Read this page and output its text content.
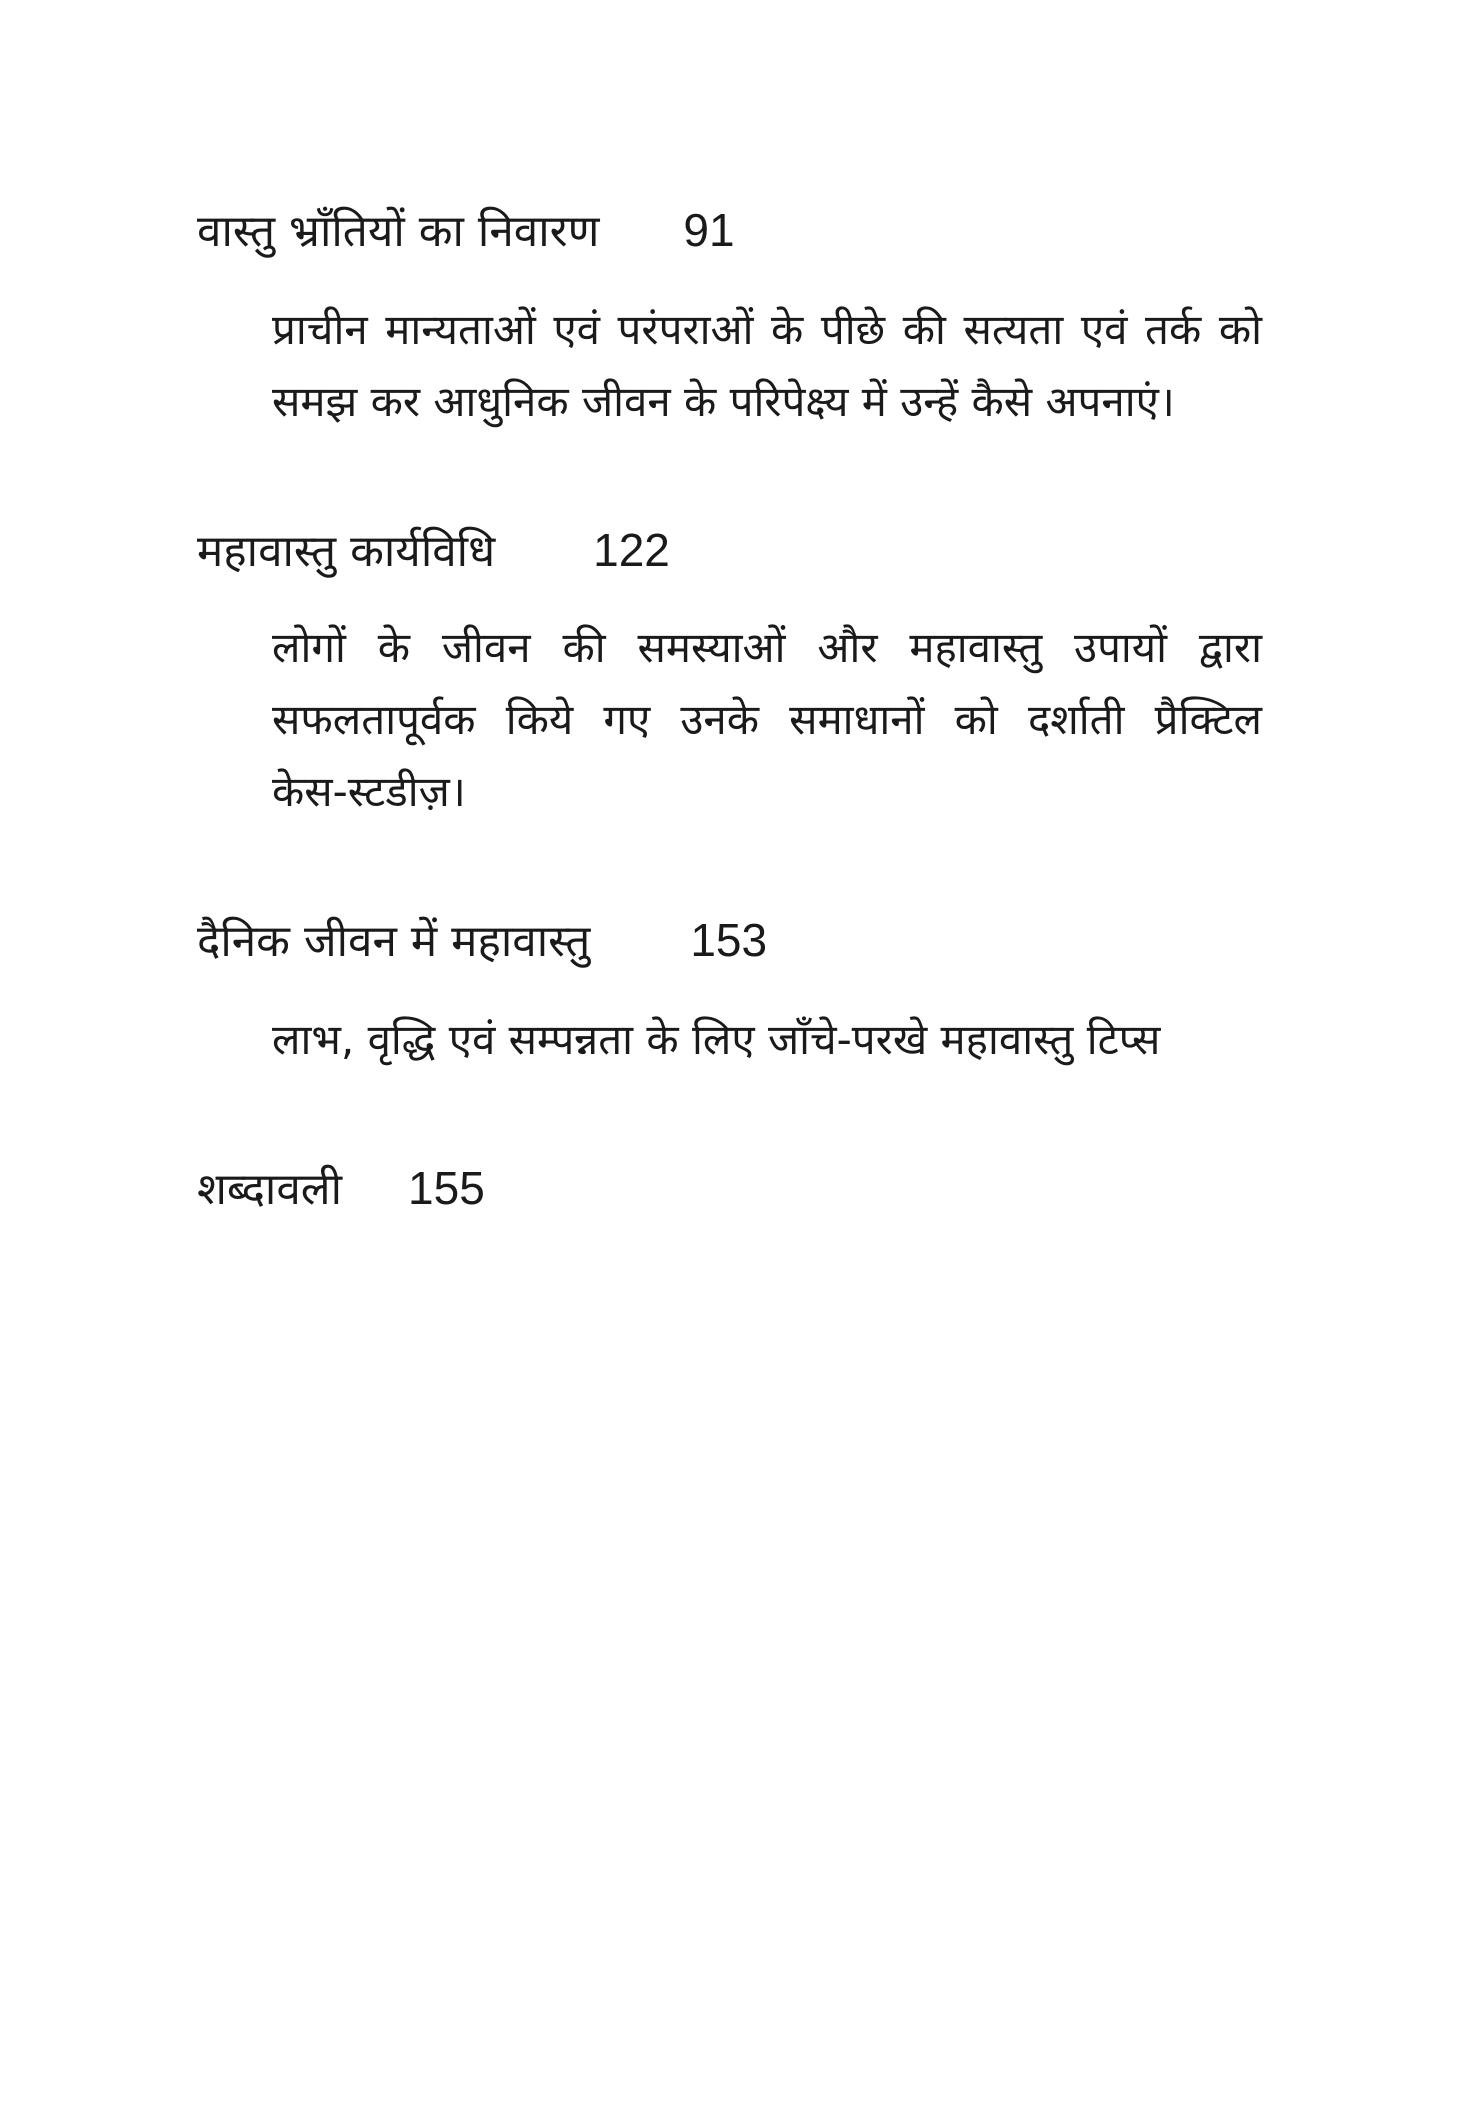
वास्तु भ्राँतियों का निवारण 91
प्राचीन मान्यताओं एवं परंपराओं के पीछे की सत्यता एवं तर्क को
समझ कर आधुनिक जीवन के परिपेक्ष्य में उन्हें कैसे अपनाएं।
महावास्तु कार्यविधि 122
लोगों के जीवन की समस्याओं और महावास्तु उपायों द्वारा
सफलतापूर्वक किये गए उनके समाधानों को दर्शाती प्रैक्टिल
केस-स्टडीज़।
दैनिक जीवन में महावास्तु 153
लाभ, वृद्धि एवं सम्पन्नता के लिए जाँचे-परखे महावास्तु टिप्स
शब्दावली 155
